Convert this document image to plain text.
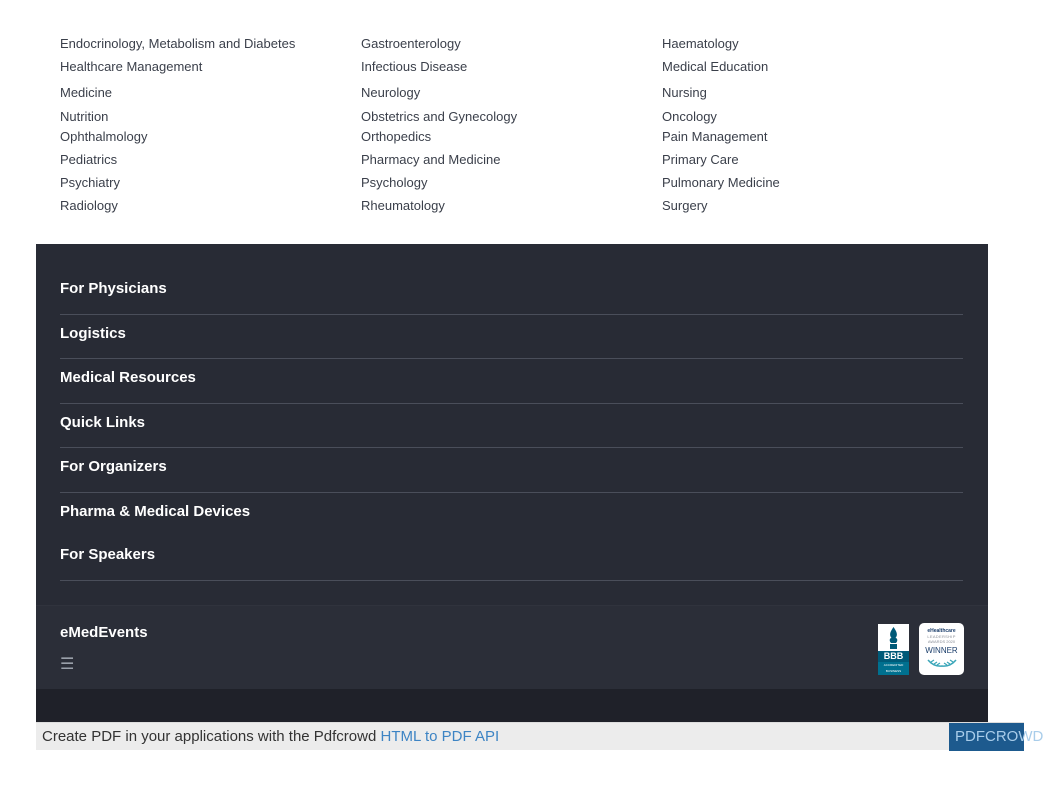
Endocrinology, Metabolism and Diabetes	Gastroenterology	Haematology
Healthcare Management	Infectious Disease	Medical Education
Medicine	Neurology	Nursing
Nutrition	Obstetrics and Gynecology	Oncology
Ophthalmology	Orthopedics	Pain Management
Pediatrics	Pharmacy and Medicine	Primary Care
Psychiatry	Psychology	Pulmonary Medicine
Radiology	Rheumatology	Surgery
For Physicians
Logistics
Medical Resources
Quick Links
For Organizers
Pharma & Medical Devices
For Speakers
eMedEvents
☰	BBB
ACCREDITED BUSINESS
eHealthcare
LEADERSHIP
AWARDS 2020
WINNER
Create PDF in your applications with the Pdfcrowd HTML to PDF API	PDFCROWD
